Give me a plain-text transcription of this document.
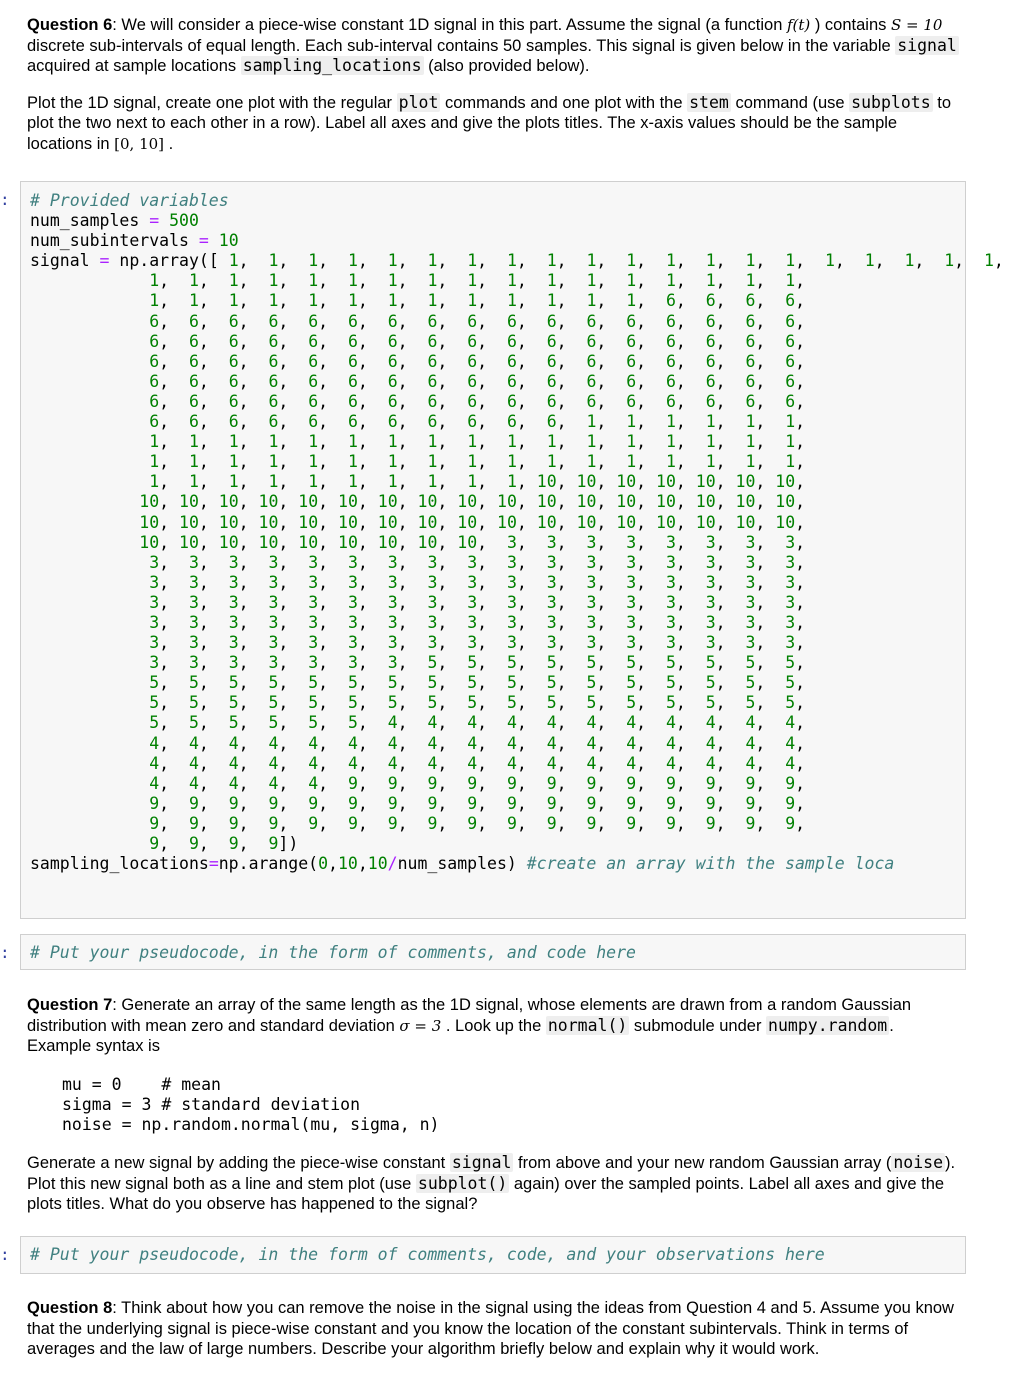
Question 6: We will consider a piece-wise constant 1D signal in this part. Assume the signal (a function f(t) ) contains S = 10 discrete sub-intervals of equal length. Each sub-interval contains 50 samples. This signal is given below in the variable signal acquired at sample locations sampling_locations (also provided below).

Plot the 1D signal, create one plot with the regular plot commands and one plot with the stem command (use subplots to plot the two next to each other in a row). Label all axes and give the plots titles. The x-axis values should be the sample locations in [0, 10] .

:	# Provided variables
num_samples = 500
num_subintervals = 10
signal = np.array([ 1,  1,  1,  1,  1,  1,  1,  1,  1,  1,  1,  1,  1,  1,  1,  1,  1,  1,  1,  1,
1,  1,  1,  1,  1,  1,  1,  1,  1,  1,  1,  1,  1,  1,  1,  1,  1,
1,  1,  1,  1,  1,  1,  1,  1,  1,  1,  1,  1,  1,  6,  6,  6,  6,
6,  6,  6,  6,  6,  6,  6,  6,  6,  6,  6,  6,  6,  6,  6,  6,  6,
6,  6,  6,  6,  6,  6,  6,  6,  6,  6,  6,  6,  6,  6,  6,  6,  6,
6,  6,  6,  6,  6,  6,  6,  6,  6,  6,  6,  6,  6,  6,  6,  6,  6,
6,  6,  6,  6,  6,  6,  6,  6,  6,  6,  6,  6,  6,  6,  6,  6,  6,
6,  6,  6,  6,  6,  6,  6,  6,  6,  6,  6,  6,  6,  6,  6,  6,  6,
6,  6,  6,  6,  6,  6,  6,  6,  6,  6,  6,  1,  1,  1,  1,  1,  1,
1,  1,  1,  1,  1,  1,  1,  1,  1,  1,  1,  1,  1,  1,  1,  1,  1,
1,  1,  1,  1,  1,  1,  1,  1,  1,  1,  1,  1,  1,  1,  1,  1,  1,
1,  1,  1,  1,  1,  1,  1,  1,  1,  1, 10, 10, 10, 10, 10, 10, 10,
10, 10, 10, 10, 10, 10, 10, 10, 10, 10, 10, 10, 10, 10, 10, 10, 10,
10, 10, 10, 10, 10, 10, 10, 10, 10, 10, 10, 10, 10, 10, 10, 10, 10,
10, 10, 10, 10, 10, 10, 10, 10, 10,  3,  3,  3,  3,  3,  3,  3,  3,
3,  3,  3,  3,  3,  3,  3,  3,  3,  3,  3,  3,  3,  3,  3,  3,  3,
3,  3,  3,  3,  3,  3,  3,  3,  3,  3,  3,  3,  3,  3,  3,  3,  3,
3,  3,  3,  3,  3,  3,  3,  3,  3,  3,  3,  3,  3,  3,  3,  3,  3,
3,  3,  3,  3,  3,  3,  3,  3,  3,  3,  3,  3,  3,  3,  3,  3,  3,
3,  3,  3,  3,  3,  3,  3,  3,  3,  3,  3,  3,  3,  3,  3,  3,  3,
3,  3,  3,  3,  3,  3,  3,  5,  5,  5,  5,  5,  5,  5,  5,  5,  5,
5,  5,  5,  5,  5,  5,  5,  5,  5,  5,  5,  5,  5,  5,  5,  5,  5,
5,  5,  5,  5,  5,  5,  5,  5,  5,  5,  5,  5,  5,  5,  5,  5,  5,
5,  5,  5,  5,  5,  5,  4,  4,  4,  4,  4,  4,  4,  4,  4,  4,  4,
4,  4,  4,  4,  4,  4,  4,  4,  4,  4,  4,  4,  4,  4,  4,  4,  4,
4,  4,  4,  4,  4,  4,  4,  4,  4,  4,  4,  4,  4,  4,  4,  4,  4,
4,  4,  4,  4,  4,  9,  9,  9,  9,  9,  9,  9,  9,  9,  9,  9,  9,
9,  9,  9,  9,  9,  9,  9,  9,  9,  9,  9,  9,  9,  9,  9,  9,  9,
9,  9,  9,  9,  9,  9,  9,  9,  9,  9,  9,  9,  9,  9,  9,  9,  9,
9,  9,  9,  9])
sampling_locations=np.arange(0,10,10/num_samples) #create an array with the sample loca
:	# Put your pseudocode, in the form of comments, and code here

Question 7: Generate an array of the same length as the 1D signal, whose elements are drawn from a random Gaussian distribution with mean zero and standard deviation σ = 3 . Look up the normal() submodule under numpy.random . Example syntax is

mu = 0    # mean
sigma = 3 # standard deviation
noise = np.random.normal(mu, sigma, n)

Generate a new signal by adding the piece-wise constant signal from above and your new random Gaussian array ( noise ). Plot this new signal both as a line and stem plot (use subplot() again) over the sampled points. Label all axes and give the plots titles. What do you observe has happened to the signal?

:	# Put your pseudocode, in the form of comments, code, and your observations here

Question 8: Think about how you can remove the noise in the signal using the ideas from Question 4 and 5. Assume you know that the underlying signal is piece-wise constant and you know the location of the constant subintervals. Think in terms of averages and the law of large numbers. Describe your algorithm briefly below and explain why it would work.
